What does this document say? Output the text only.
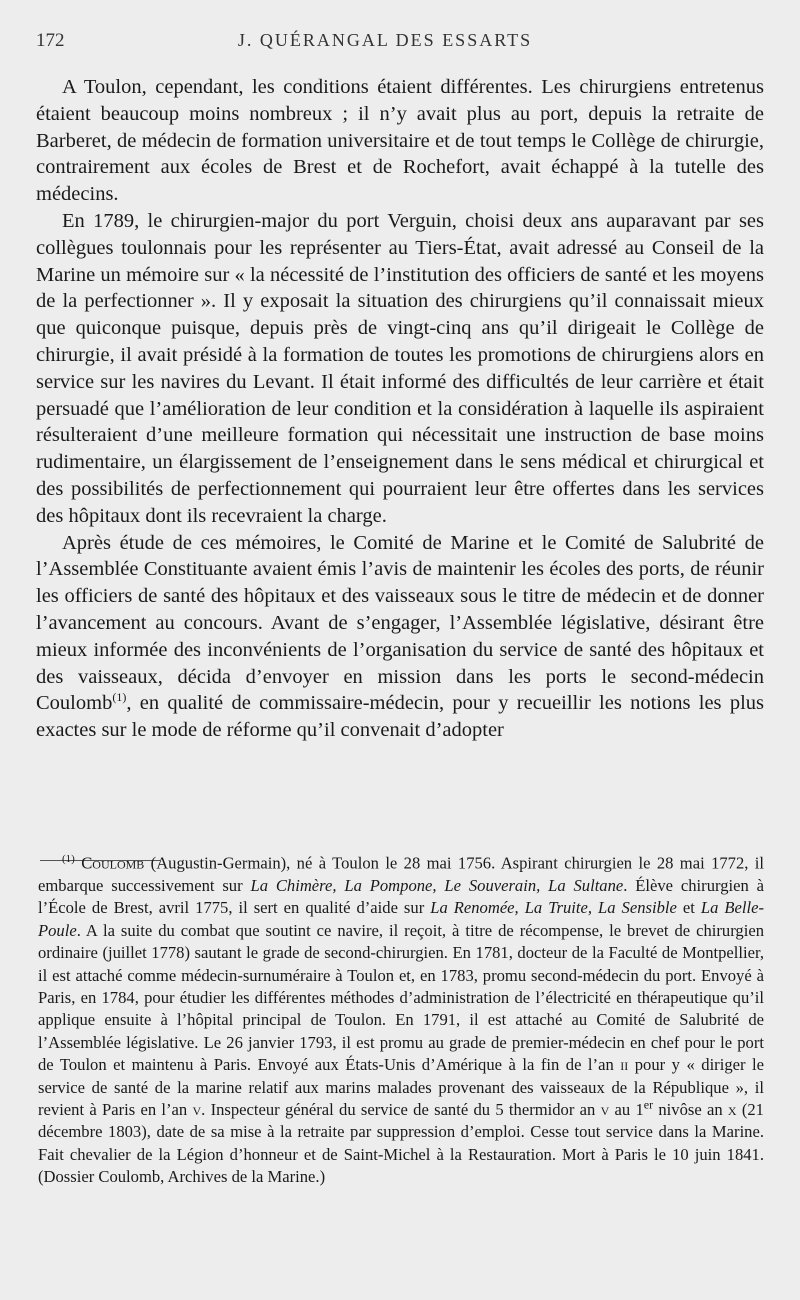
172	J. QUÉRANGAL DES ESSARTS

A Toulon, cependant, les conditions étaient différentes. Les chirurgiens entretenus étaient beaucoup moins nombreux ; il n’y avait plus au port, depuis la retraite de Barberet, de médecin de formation universitaire et de tout temps le Collège de chirurgie, contrairement aux écoles de Brest et de Rochefort, avait échappé à la tutelle des médecins.

En 1789, le chirurgien-major du port Verguin, choisi deux ans auparavant par ses collègues toulonnais pour les représenter au Tiers-État, avait adressé au Conseil de la Marine un mémoire sur « la nécessité de l’institution des officiers de santé et les moyens de la perfectionner ». Il y exposait la situation des chirurgiens qu’il connaissait mieux que quiconque puisque, depuis près de vingt-cinq ans qu’il dirigeait le Collège de chirurgie, il avait présidé à la formation de toutes les promotions de chirurgiens alors en service sur les navires du Levant. Il était informé des difficultés de leur carrière et était persuadé que l’amélioration de leur condition et la considération à laquelle ils aspiraient résulteraient d’une meilleure formation qui nécessitait une instruction de base moins rudimentaire, un élargissement de l’enseignement dans le sens médical et chirurgical et des possibilités de perfectionnement qui pourraient leur être offertes dans les services des hôpitaux dont ils recevraient la charge.

Après étude de ces mémoires, le Comité de Marine et le Comité de Salubrité de l’Assemblée Constituante avaient émis l’avis de maintenir les écoles des ports, de réunir les officiers de santé des hôpitaux et des vaisseaux sous le titre de médecin et de donner l’avancement au concours. Avant de s’engager, l’Assemblée législative, désirant être mieux informée des inconvénients de l’organisation du service de santé des hôpitaux et des vaisseaux, décida d’envoyer en mission dans les ports le second-médecin Coulomb$^{(1)}$, en qualité de commissaire-médecin, pour y recueillir les notions les plus exactes sur le mode de réforme qu’il convenait d’adopter

$^{(1)}$ Coulomb (Augustin-Germain), né à Toulon le 28 mai 1756. Aspirant chirurgien le 28 mai 1772, il embarque successivement sur La Chimère, La Pompone, Le Souverain, La Sultane. Élève chirurgien à l’École de Brest, avril 1775, il sert en qualité d’aide sur La Renomée, La Truite, La Sensible et La Belle-Poule. A la suite du combat que soutint ce navire, il reçoit, à titre de récompense, le brevet de chirurgien ordinaire (juillet 1778) sautant le grade de second-chirurgien. En 1781, docteur de la Faculté de Montpellier, il est attaché comme médecin-surnuméraire à Toulon et, en 1783, promu second-médecin du port. Envoyé à Paris, en 1784, pour étudier les différentes méthodes d’administration de l’électricité en thérapeutique qu’il applique ensuite à l’hôpital principal de Toulon. En 1791, il est attaché au Comité de Salubrité de l’Assemblée législative. Le 26 janvier 1793, il est promu au grade de premier-médecin en chef pour le port de Toulon et maintenu à Paris. Envoyé aux États-Unis d’Amérique à la fin de l’an ii pour y « diriger le service de santé de la marine relatif aux marins malades provenant des vaisseaux de la République », il revient à Paris en l’an v. Inspecteur général du service de santé du 5 thermidor an v au 1er nivôse an x (21 décembre 1803), date de sa mise à la retraite par suppression d’emploi. Cesse tout service dans la Marine. Fait chevalier de la Légion d’honneur et de Saint-Michel à la Restauration. Mort à Paris le 10 juin 1841. (Dossier Coulomb, Archives de la Marine.)
